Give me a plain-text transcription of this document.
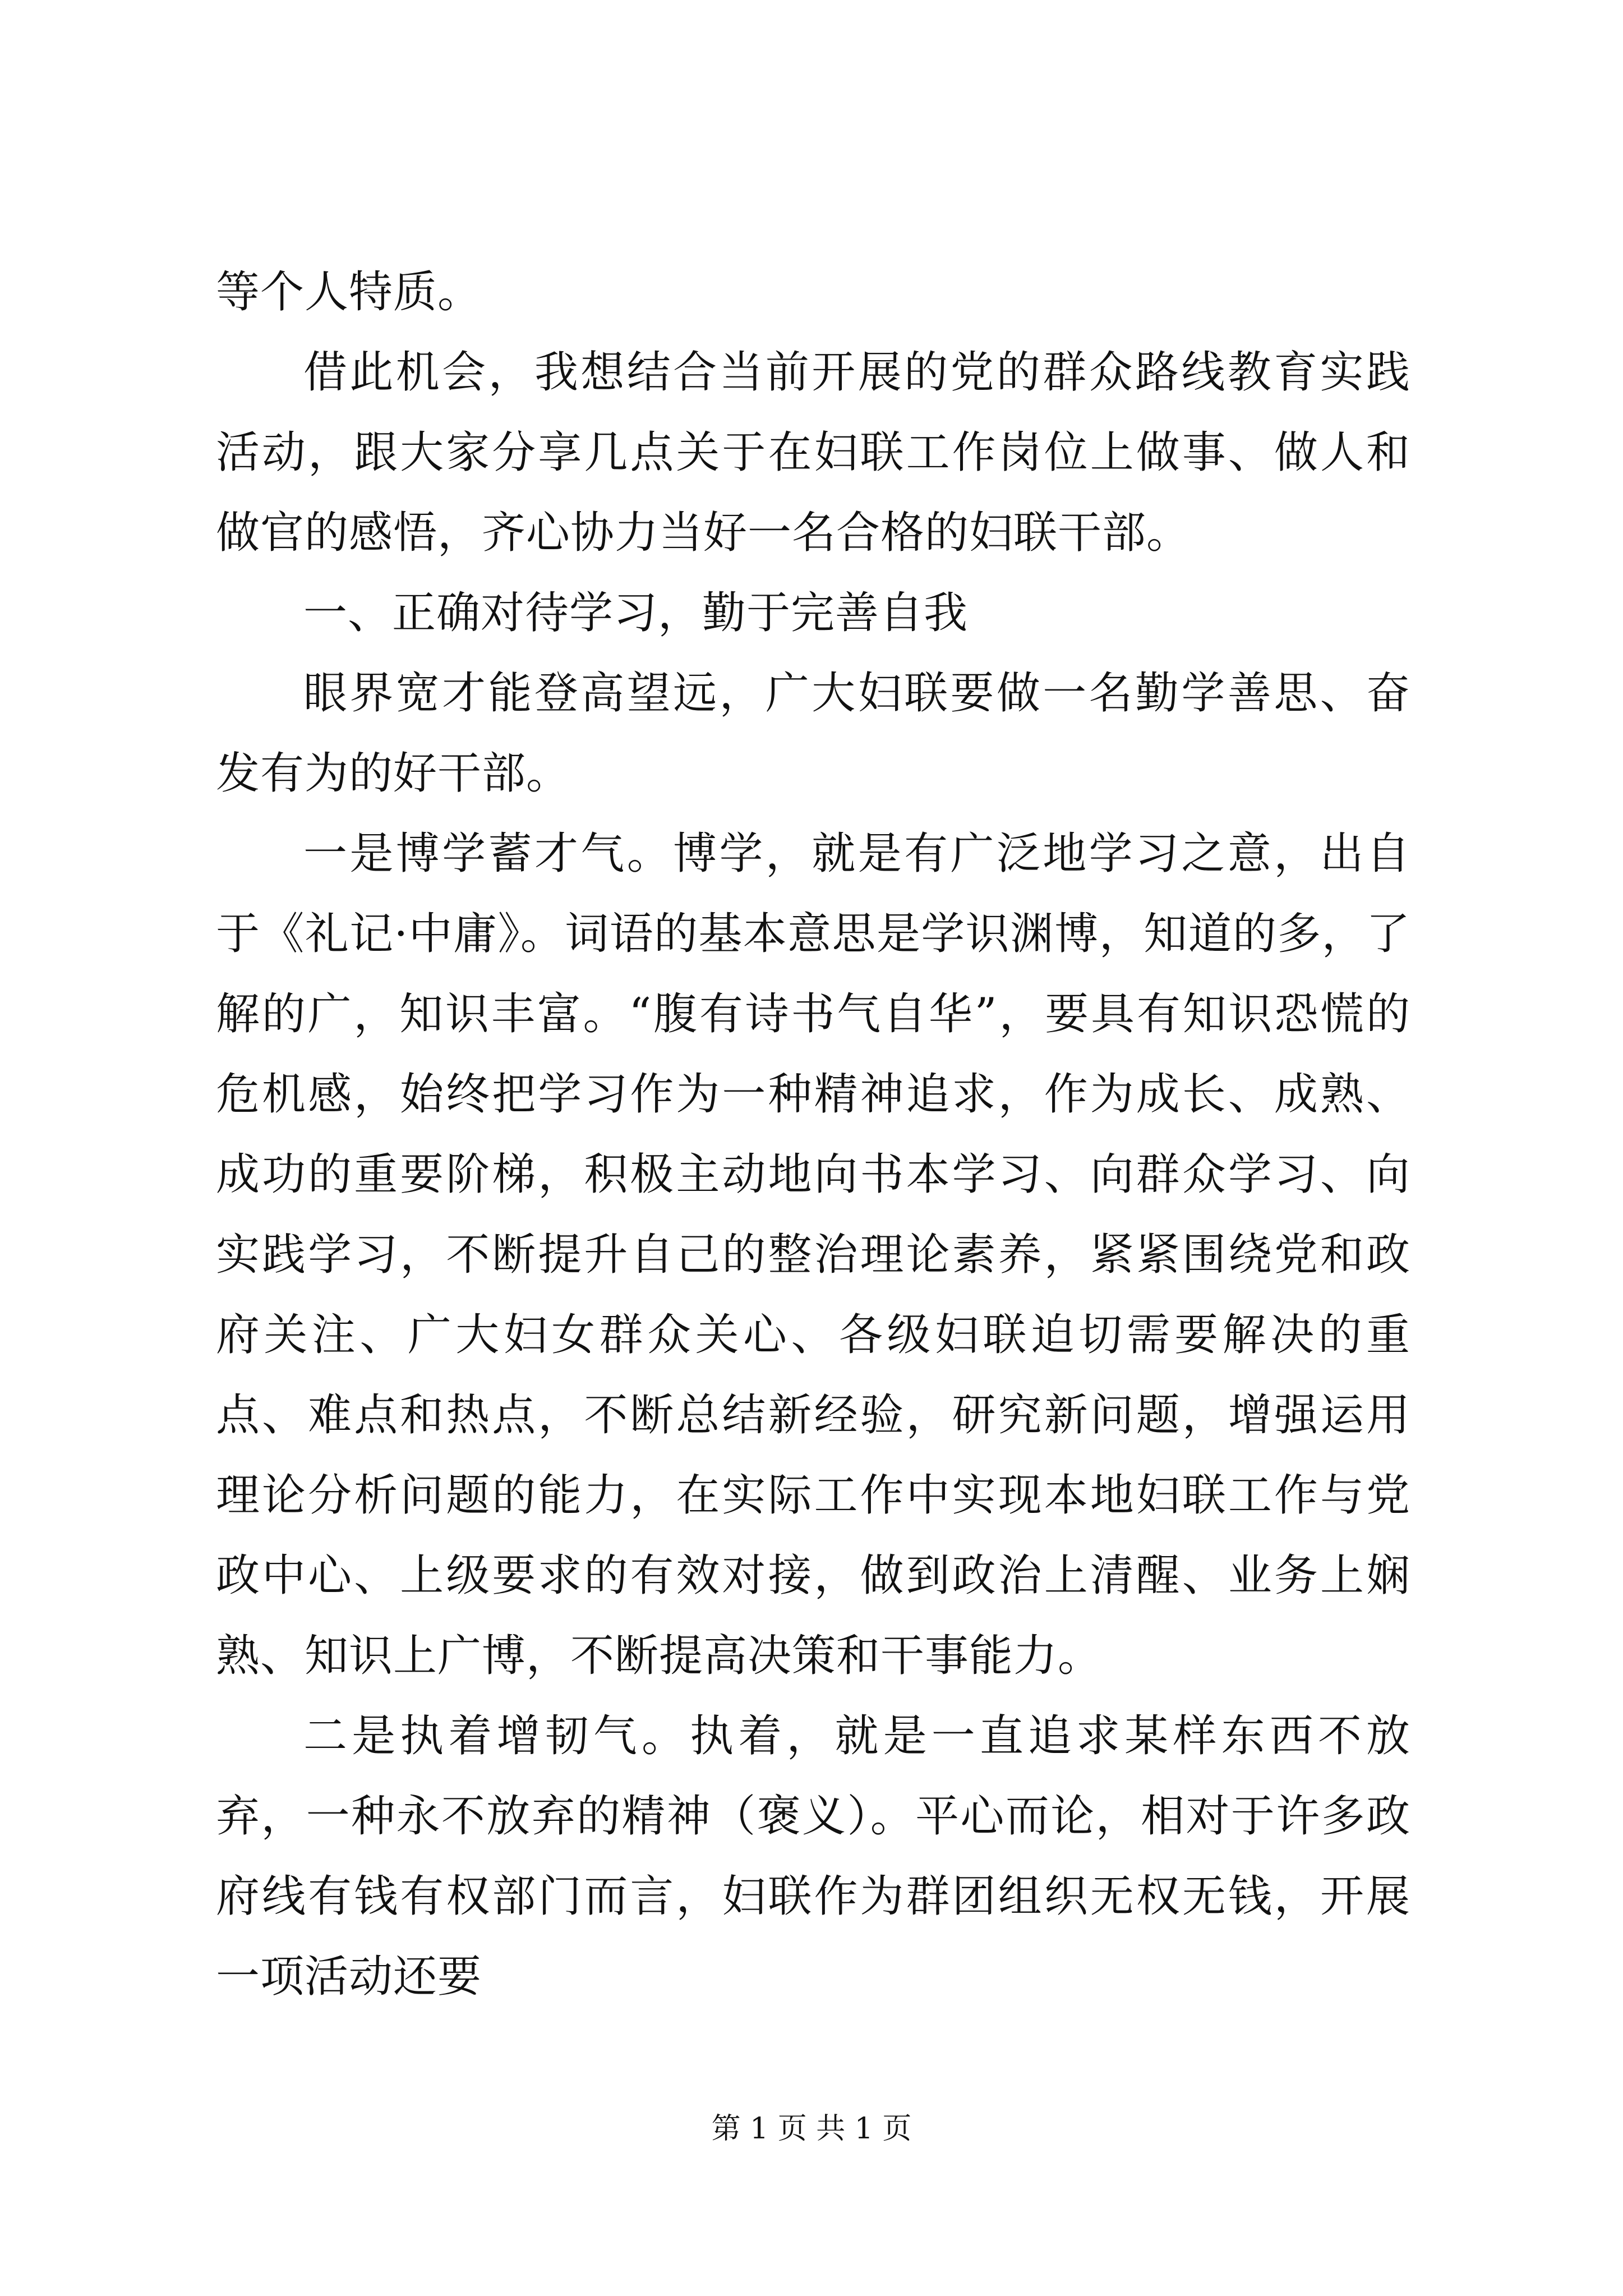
等个人特质。

借此机会，我想结合当前开展的党的群众路线教育实践活动，跟大家分享几点关于在妇联工作岗位上做事、做人和做官的感悟，齐心协力当好一名合格的妇联干部。

一、正确对待学习，勤于完善自我

眼界宽才能登高望远，广大妇联要做一名勤学善思、奋发有为的好干部。

一是博学蓄才气。博学，就是有广泛地学习之意，出自于《礼记·中庸》。词语的基本意思是学识渊博，知道的多，了解的广，知识丰富。“腹有诗书气自华”，要具有知识恐慌的危机感，始终把学习作为一种精神追求，作为成长、成熟、成功的重要阶梯，积极主动地向书本学习、向群众学习、向实践学习，不断提升自己的整治理论素养，紧紧围绕党和政府关注、广大妇女群众关心、各级妇联迫切需要解决的重点、难点和热点，不断总结新经验，研究新问题，增强运用理论分析问题的能力，在实际工作中实现本地妇联工作与党政中心、上级要求的有效对接，做到政治上清醒、业务上娴熟、知识上广博，不断提高决策和干事能力。

二是执着增韧气。执着，就是一直追求某样东西不放弃，一种永不放弃的精神（褒义）。平心而论，相对于许多政府线有钱有权部门而言，妇联作为群团组织无权无钱，开展一项活动还要

第 1 页 共 1 页
